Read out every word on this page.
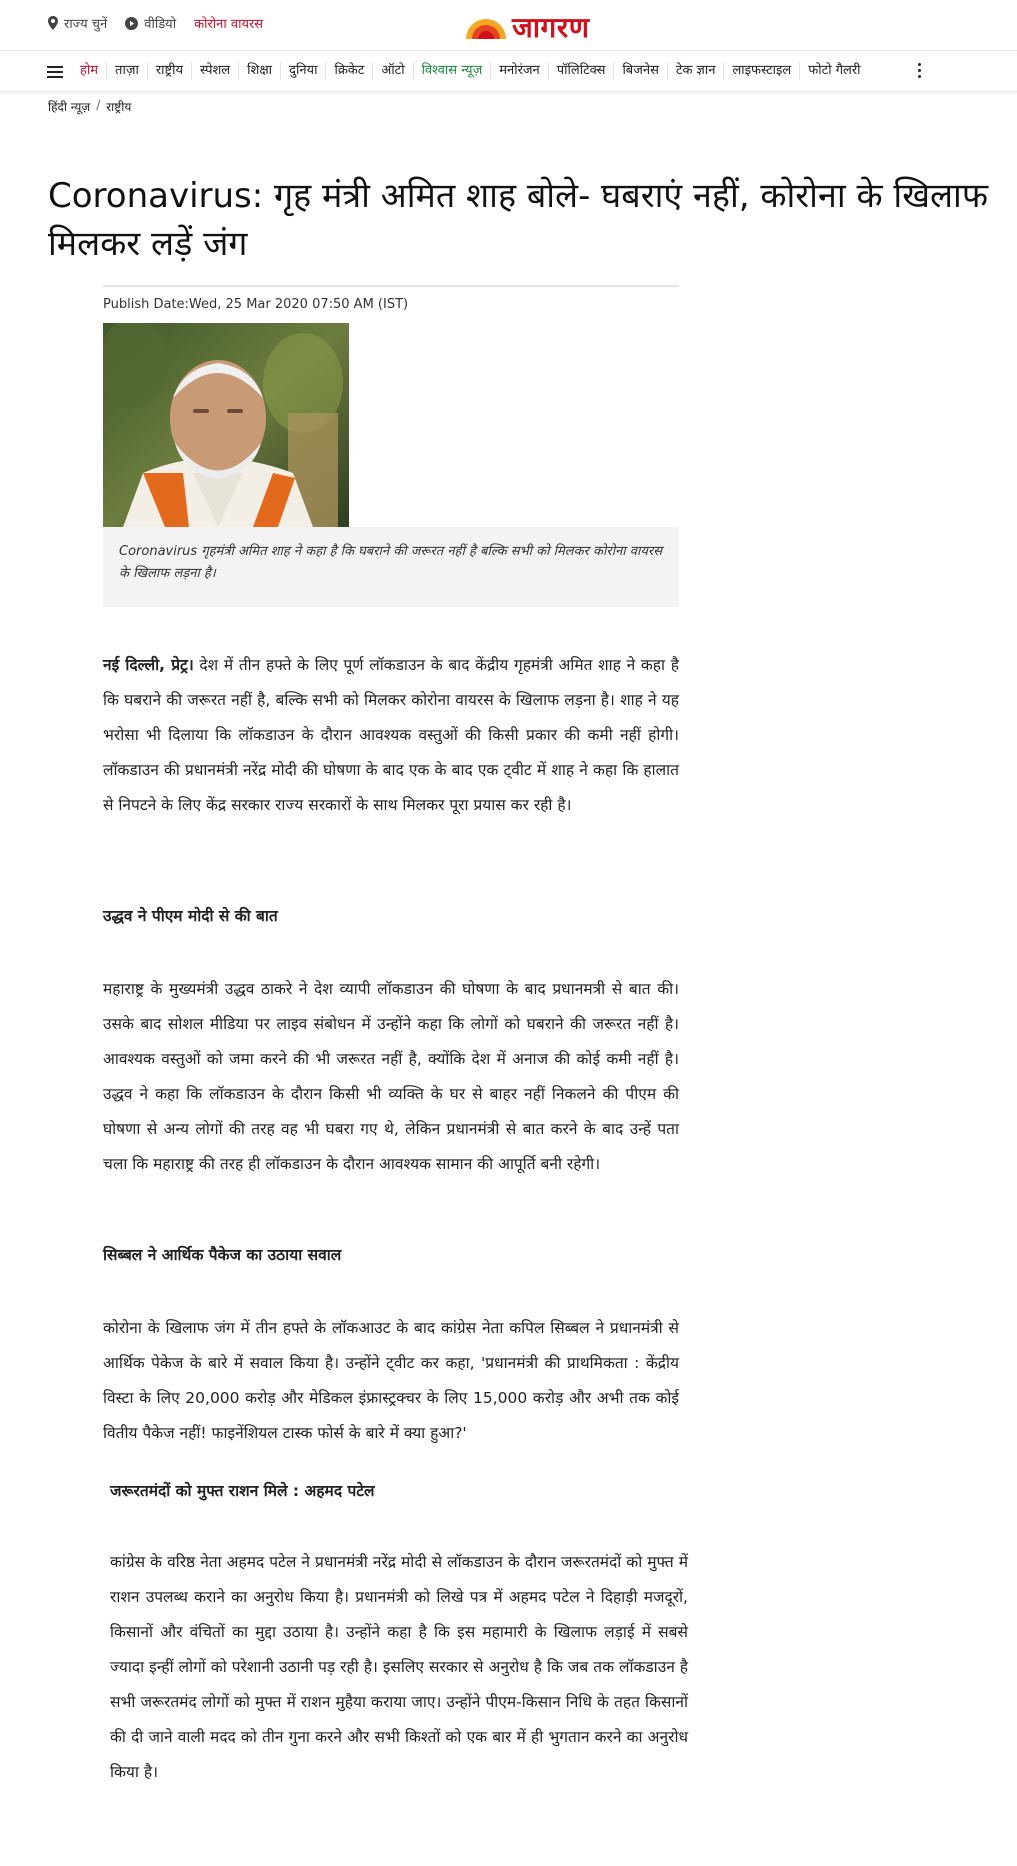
राज्य चुनें	वीडियो कोरोना वायरस	जागरण
होम	ताज़ा	राष्ट्रीय	स्पेशल	शिक्षा	दुनिया	क्रिकेट	ऑटो	विश्वास न्यूज़	मनोरंजन	पॉलिटिक्स	बिजनेस	टेक ज्ञान	लाइफस्टाइल	फोटो गैलरी
हिंदी न्यूज़ / राष्ट्रीय
Coronavirus: गृह मंत्री अमित शाह बोले- घबराएं नहीं, कोरोना के खिलाफ मिलकर लड़ें जंग
Publish Date:Wed, 25 Mar 2020 07:50 AM (IST)

Coronavirus गृहमंत्री अमित शाह ने कहा है कि घबराने की जरूरत नहीं है बल्कि सभी को मिलकर कोरोना वायरस के खिलाफ लड़ना है।

नई दिल्ली, प्रेट्र। देश में तीन हफ्ते के लिए पूर्ण लॉकडाउन के बाद केंद्रीय गृहमंत्री अमित शाह ने कहा है कि घबराने की जरूरत नहीं है, बल्कि सभी को मिलकर कोरोना वायरस के खिलाफ लड़ना है। शाह ने यह भरोसा भी दिलाया कि लॉकडाउन के दौरान आवश्यक वस्तुओं की किसी प्रकार की कमी नहीं होगी। लॉकडाउन की प्रधानमंत्री नरेंद्र मोदी की घोषणा के बाद एक के बाद एक ट्वीट में शाह ने कहा कि हालात से निपटने के लिए केंद्र सरकार राज्य सरकारों के साथ मिलकर पूरा प्रयास कर रही है।

उद्धव ने पीएम मोदी से की बात

महाराष्ट्र के मुख्यमंत्री उद्धव ठाकरे ने देश व्यापी लॉकडाउन की घोषणा के बाद प्रधानमत्री से बात की। उसके बाद सोशल मीडिया पर लाइव संबोधन में उन्होंने कहा कि लोगों को घबराने की जरूरत नहीं है। आवश्यक वस्तुओं को जमा करने की भी जरूरत नहीं है, क्योंकि देश में अनाज की कोई कमी नहीं है। उद्धव ने कहा कि लॉकडाउन के दौरान किसी भी व्यक्ति के घर से बाहर नहीं निकलने की पीएम की घोषणा से अन्य लोगों की तरह वह भी घबरा गए थे, लेकिन प्रधानमंत्री से बात करने के बाद उन्हें पता चला कि महाराष्ट्र की तरह ही लॉकडाउन के दौरान आवश्यक सामान की आपूर्ति बनी रहेगी।

सिब्बल ने आर्थिक पैकेज का उठाया सवाल

कोरोना के खिलाफ जंग में तीन हफ्ते के लॉकआउट के बाद कांग्रेस नेता कपिल सिब्बल ने प्रधानमंत्री से आर्थिक पेकेज के बारे में सवाल किया है। उन्होंने ट्वीट कर कहा, 'प्रधानमंत्री की प्राथमिकता : केंद्रीय विस्टा के लिए 20,000 करोड़ और मेडिकल इंफ्रास्ट्रक्चर के लिए 15,000 करोड़ और अभी तक कोई वितीय पैकेज नहीं! फाइनेंशियल टास्क फोर्स के बारे में क्या हुआ?'

जरूरतमंदों को मुफ्त राशन मिले : अहमद पटेल

कांग्रेस के वरिष्ठ नेता अहमद पटेल ने प्रधानमंत्री नरेंद्र मोदी से लॉकडाउन के दौरान जरूरतमंदों को मुफ्त में राशन उपलब्ध कराने का अनुरोध किया है। प्रधानमंत्री को लिखे पत्र में अहमद पटेल ने दिहाड़ी मजदूरों, किसानों और वंचितों का मुद्दा उठाया है। उन्होंने कहा है कि इस महामारी के खिलाफ लड़ाई में सबसे ज्यादा इन्हीं लोगों को परेशानी उठानी पड़ रही है। इसलिए सरकार से अनुरोध है कि जब तक लॉकडाउन है सभी जरूरतमंद लोगों को मुफ्त में राशन मुहैया कराया जाए। उन्होंने पीएम-किसान निधि के तहत किसानों की दी जाने वाली मदद को तीन गुना करने और सभी किश्तों को एक बार में ही भुगतान करने का अनुरोध किया है।
